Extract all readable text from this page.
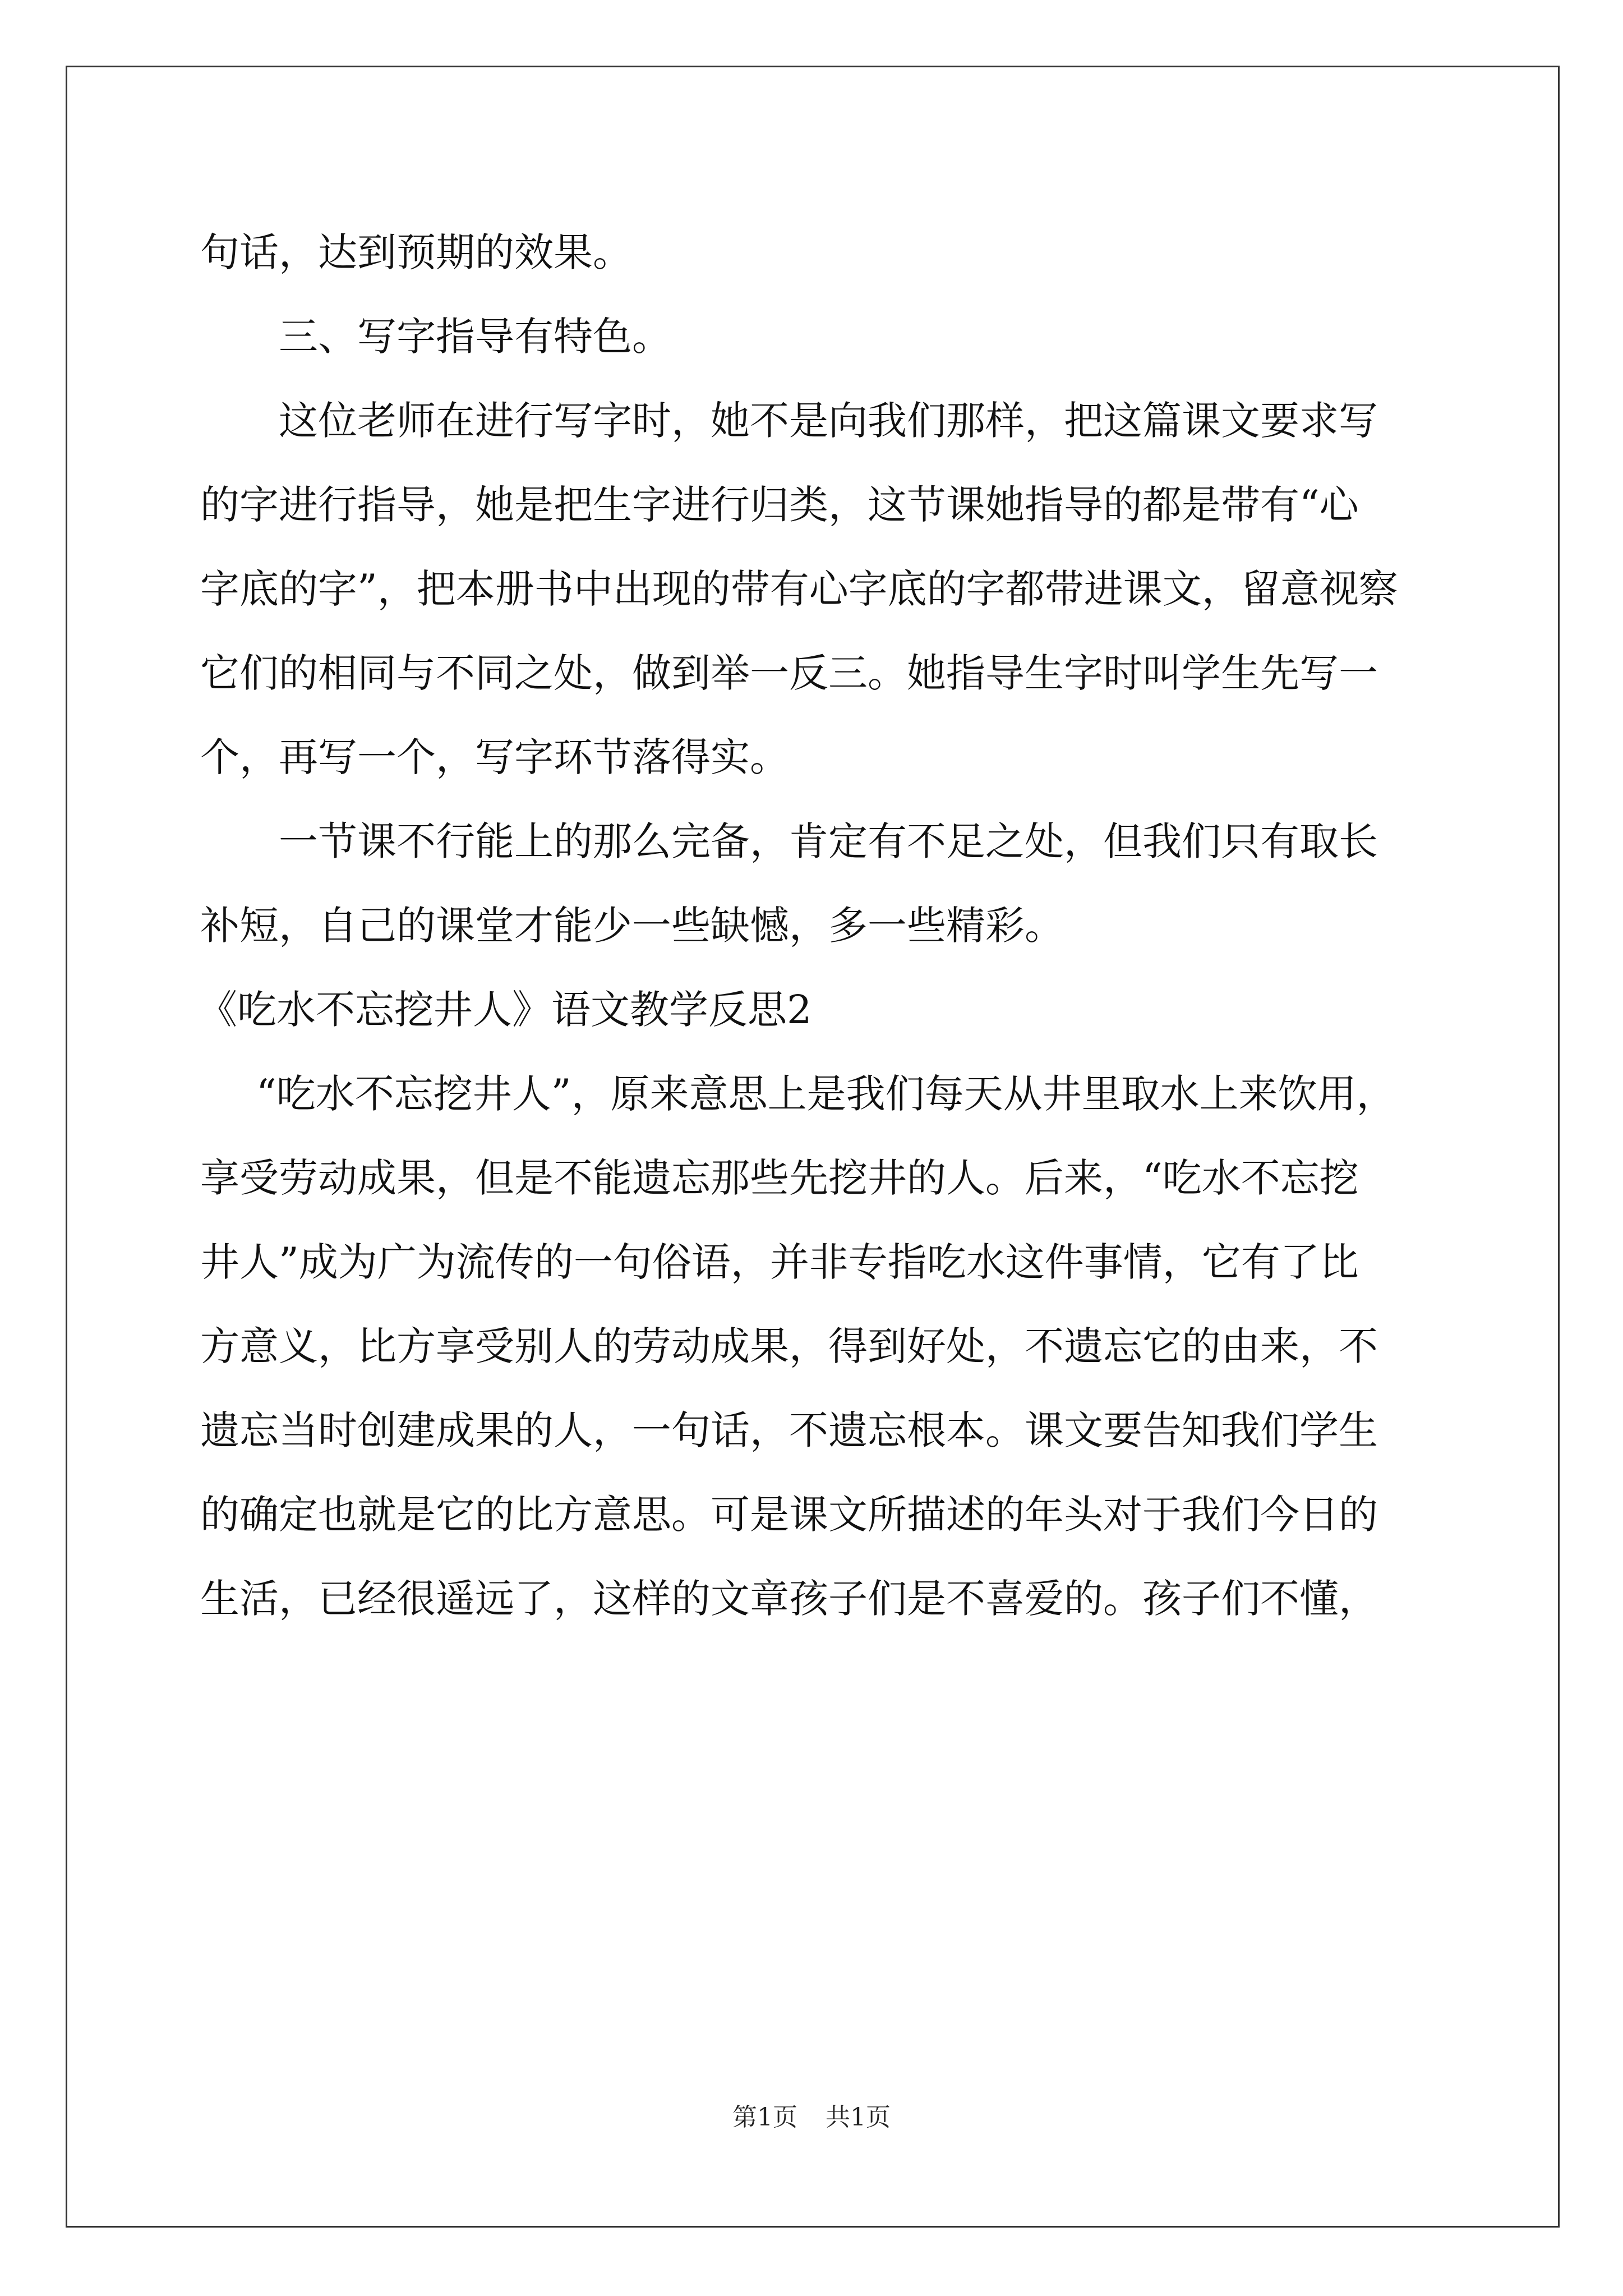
句话，达到预期的效果。
三、写字指导有特色。
这位老师在进行写字时，她不是向我们那样，把这篇课文要求写
的字进行指导，她是把生字进行归类，这节课她指导的都是带有“心
字底的字”，把本册书中出现的带有心字底的字都带进课文，留意视察
它们的相同与不同之处，做到举一反三。她指导生字时叫学生先写一
个，再写一个，写字环节落得实。
一节课不行能上的那么完备，肯定有不足之处，但我们只有取长
补短，自己的课堂才能少一些缺憾，多一些精彩。
《吃水不忘挖井人》语文教学反思2
“吃水不忘挖井人”，原来意思上是我们每天从井里取水上来饮用，
享受劳动成果，但是不能遗忘那些先挖井的人。后来，“吃水不忘挖
井人”成为广为流传的一句俗语，并非专指吃水这件事情，它有了比
方意义，比方享受别人的劳动成果，得到好处，不遗忘它的由来，不
遗忘当时创建成果的人，一句话，不遗忘根本。课文要告知我们学生
的确定也就是它的比方意思。可是课文所描述的年头对于我们今日的
生活，已经很遥远了，这样的文章孩子们是不喜爱的。孩子们不懂，
第1页 共1页
